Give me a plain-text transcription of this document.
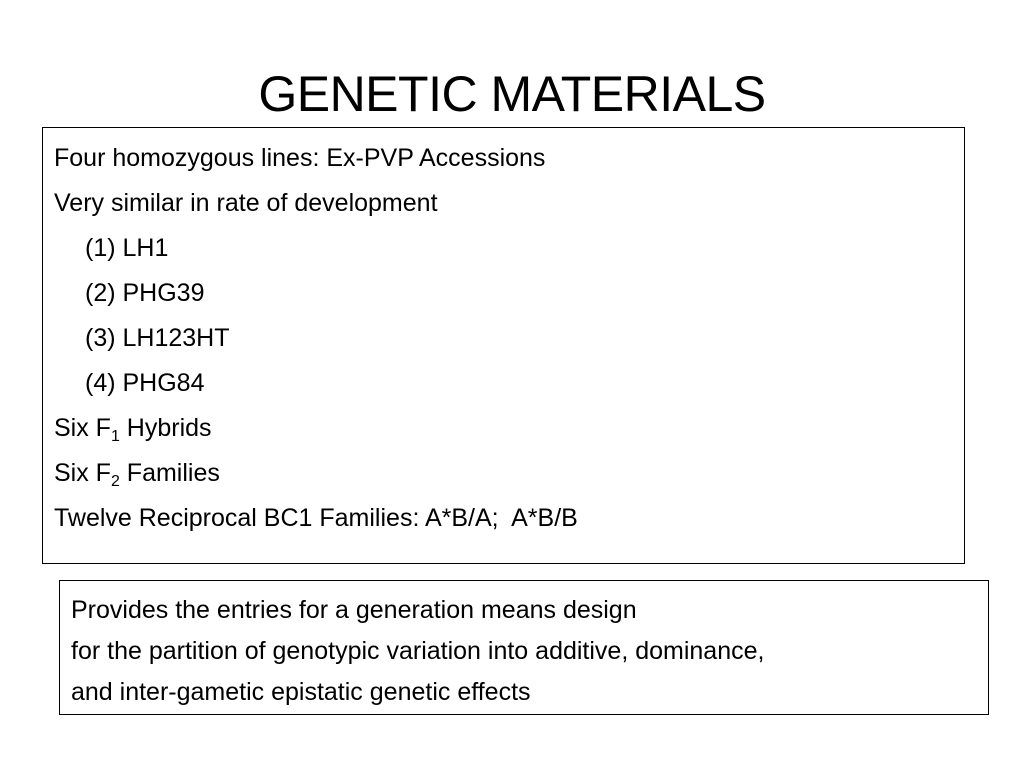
GENETIC MATERIALS
Four homozygous lines: Ex-PVP Accessions
Very similar in rate of development
(1) LH1
(2) PHG39
(3) LH123HT
(4) PHG84
Six $F_1$ Hybrids
Six $F_2$ Families
Twelve Reciprocal BC1 Families: A*B/A;  A*B/B
Provides the entries for a generation means design
for the partition of genotypic variation into additive, dominance,
and inter-gametic epistatic genetic effects
